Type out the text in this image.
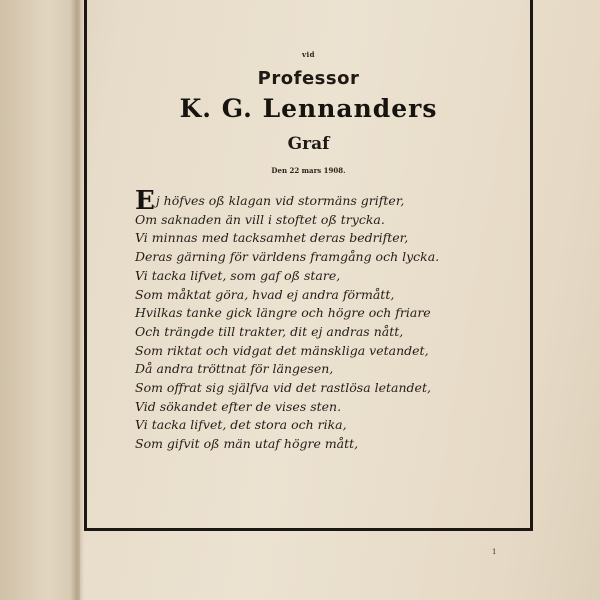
vid
Professor
K. G. Lennanders
Graf
Den 22 mars 1908.
Ej höfves oß klagan vid stormäns grifter,
Om saknaden än vill i stoftet oß trycka.
Vi minnas med tacksamhet deras bedrifter,
Deras gärning för världens framgång och lycka.
Vi tacka lifvet, som gaf oß stare,
Som måktat göra, hvad ej andra förmått,
Hvilkas tanke gick längre och högre och friare
Och trängde till trakter, dit ej andras nått,
Som riktat och vidgat det mänskliga vetandet,
Då andra tröttnat för längesen,
Som offrat sig själfva vid det rastlösa letandet,
Vid sökandet efter de vises sten.
Vi tacka lifvet, det stora och rika,
Som gifvit oß män utaf högre mått,
1
